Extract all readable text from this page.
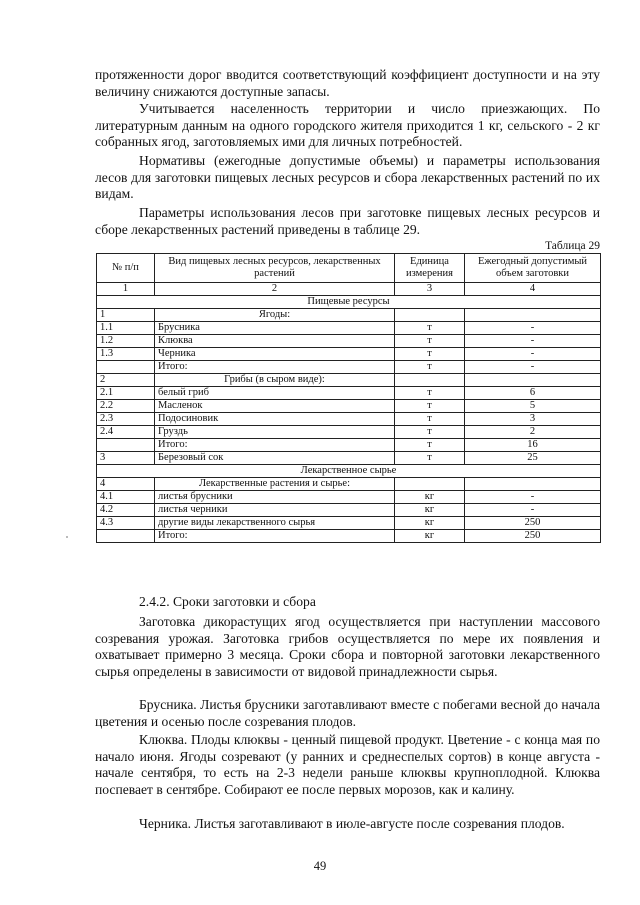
протяженности дорог вводится соответствующий коэффициент доступности и на эту величину снижаются доступные запасы.

Учитывается населенность территории и число приезжающих. По литературным данным на одного городского жителя приходится 1 кг, сельского - 2 кг собранных ягод, заготовляемых ими для личных потребностей.

Нормативы (ежегодные допустимые объемы) и параметры использования лесов для заготовки пищевых лесных ресурсов и сбора лекарственных растений по их видам.

Параметры использования лесов при заготовке пищевых лесных ресурсов и сборе лекарственных растений приведены в таблице 29.

Таблица 29
№ п/п	Вид пищевых лесных ресурсов, лекарственных растений	Единица измерения	Ежегодный допустимый объем заготовки
1	2	3	4
Пищевые ресурсы			
1	Ягоды:		
1.1	Брусника	т	-
1.2	Клюква	т	-
1.3	Черника	т	-
	Итого:	т	-
2	Грибы (в сыром виде):		
2.1	белый гриб	т	6
2.2	Масленок	т	5
2.3	Подосиновик	т	3
2.4	Груздь	т	2
	Итого:	т	16
3	Березовый сок	т	25
Лекарственное сырье			
4	Лекарственные растения и сырье:		
4.1	листья брусники	кг	-
4.2	листья черники	кг	-
4.3	другие виды лекарственного сырья	кг	250
	Итого:	кг	250
2.4.2. Сроки заготовки и сбора

Заготовка дикорастущих ягод осуществляется при наступлении массового созревания урожая. Заготовка грибов осуществляется по мере их появления и охватывает примерно 3 месяца. Сроки сбора и повторной заготовки лекарственного сырья определены в зависимости от видовой принадлежности сырья.

Брусника. Листья брусники заготавливают вместе с побегами весной до начала цветения и осенью после созревания плодов.

Клюква. Плоды клюквы - ценный пищевой продукт. Цветение - с конца мая по начало июня. Ягоды созревают (у ранних и среднеспелых сортов) в конце августа - начале сентября, то есть на 2-3 недели раньше клюквы крупноплодной. Клюква поспевает в сентябре. Собирают ее после первых морозов, как и калину.

Черника. Листья заготавливают в июле-августе после созревания плодов.

49
